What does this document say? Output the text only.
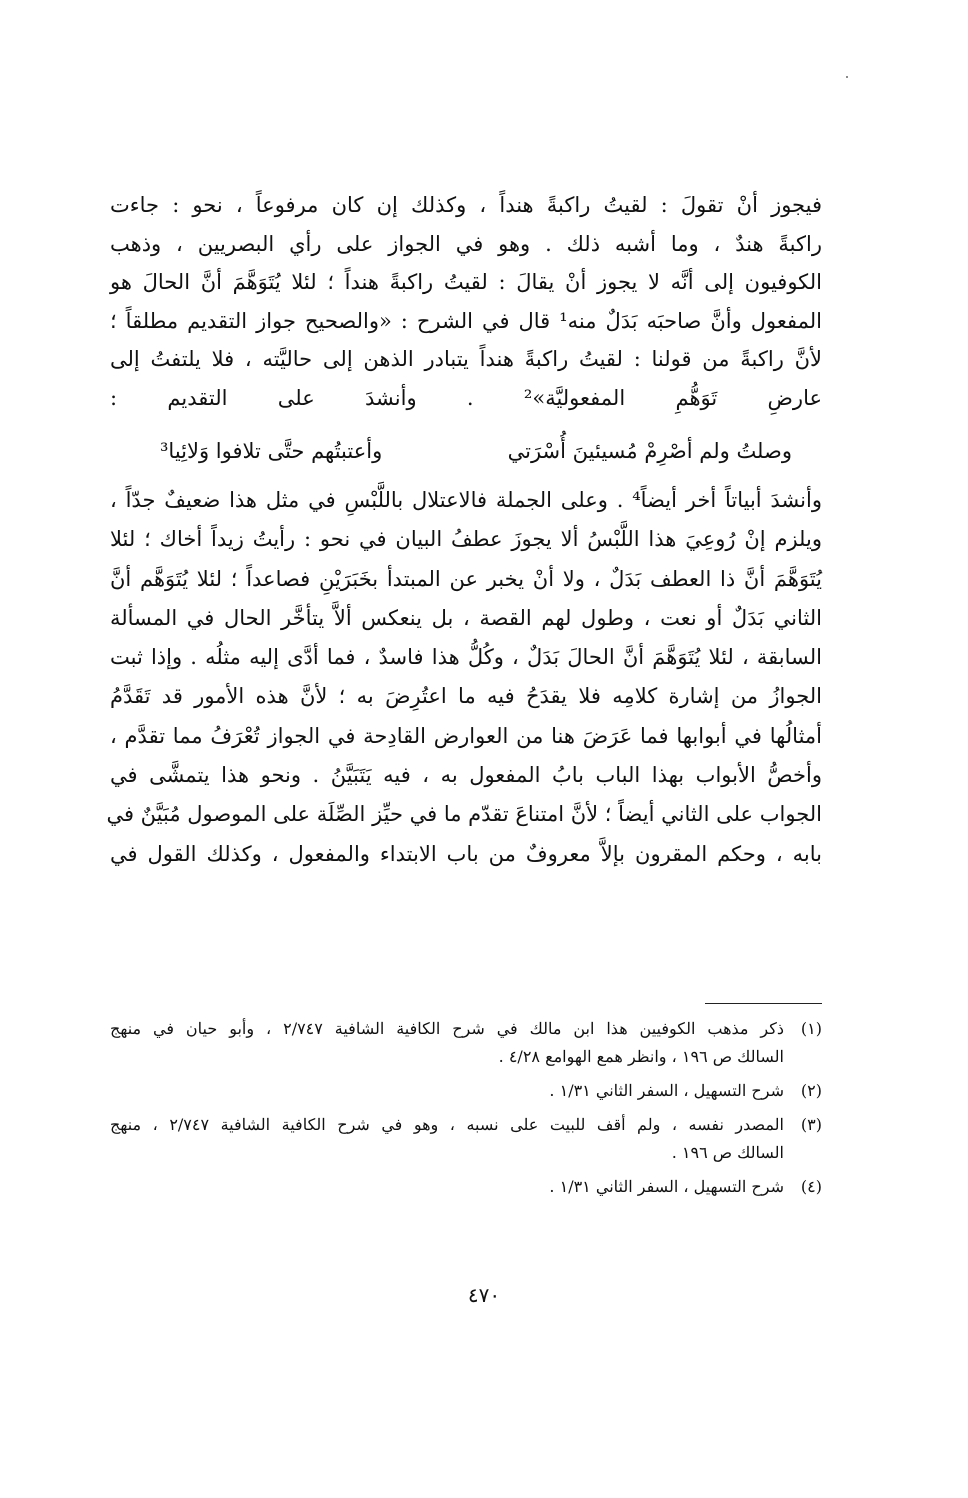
فيجوز أنْ تقولَ : لقيتُ راكبةً هنداً ، وكذلك إن كان مرفوعاً ، نحو : جاءت
راكبةً هندٌ ، وما أشبه ذلك . وهو في الجواز على رأي البصريين ، وذهب
الكوفيون إلى أنَّه لا يجوز أنْ يقالَ : لقيتُ راكبةً هنداً ؛ لئلا يُتَوَهَّمَ أنَّ الحالَ هو
المفعول وأنَّ صاحبَه بَدَلٌ منه¹ قال في الشرح : «والصحيح جواز التقديم مطلقاً ؛
لأنَّ راكبةً من قولنا : لقيتُ راكبةً هنداً يتبادر الذهن إلى حاليَّته ، فلا يلتفتُ إلى
عارضِ تَوَهُّمِ المفعوليَّة»² . وأنشدَ على التقديم :
وصلتُ ولم أصْرِمْ مُسيئينَ أُسْرَتي
وأعتبتُهم حتَّى تلافوا وَلائِيا³
وأنشدَ أبياتاً أخر أيضاً⁴ . وعلى الجملة فالاعتلال باللَّبْسِ في مثل هذا ضعيفٌ جدّاً ،
ويلزم إنْ رُوعِيَ هذا اللَّبْسُ ألا يجوزَ عطفُ البيان في نحو : رأيتُ زيداً أخاك ؛ لئلا
يُتَوَهَّمَ أنَّ ذا العطف بَدَلٌ ، ولا أنْ يخبر عن المبتدأ بخَبَرَيْنِ فصاعداً ؛ لئلا يُتَوَهَّم أنَّ
الثاني بَدَلٌ أو نعت ، وطول لهم القصة ، بل ينعكس ألاَّ يتأخَّر الحال في المسألة
السابقة ، لئلا يُتَوَهَّمَ أنَّ الحالَ بَدَلٌ ، وكُلُّ هذا فاسدٌ ، فما أدَّى إليه مثلُه . وإذا ثبت
الجوازُ من إشارة كلامِه فلا يقدَحُ فيه ما اعتُرِضَ به ؛ لأنَّ هذه الأمور قد تَقَدَّمُ
أمثالُها في أبوابها فما عَرَضَ هنا من العوارض القادِحة في الجواز تُعْرَفُ مما تقدَّم ،
وأخصُّ الأبواب بهذا الباب بابُ المفعول به ، فيه يَتَبَيَّنُ . ونحو هذا يتمشَّى في
الجواب على الثاني أيضاً ؛ لأنَّ امتناعَ تقدّم ما في حيِّز الصِّلَة على الموصول مُبَيَّنٌ في
بابه ، وحكم المقرون بإلاَّ معروفٌ من باب الابتداء والمفعول ، وكذلك القول في
(١)
ذكر مذهب الكوفيين هذا ابن مالك في شرح الكافية الشافية ٢/٧٤٧ ، وأبو حيان في منهج
السالك ص ١٩٦ ، وانظر همع الهوامع ٤/٢٨ .
(٢)
شرح التسهيل ، السفر الثاني ١/٣١ .
(٣)
المصدر نفسه ، ولم أقف للبيت على نسبه ، وهو في شرح الكافية الشافية ٢/٧٤٧ ، منهج
السالك ص ١٩٦ .
(٤)
شرح التسهيل ، السفر الثاني ١/٣١ .
٤٧٠
